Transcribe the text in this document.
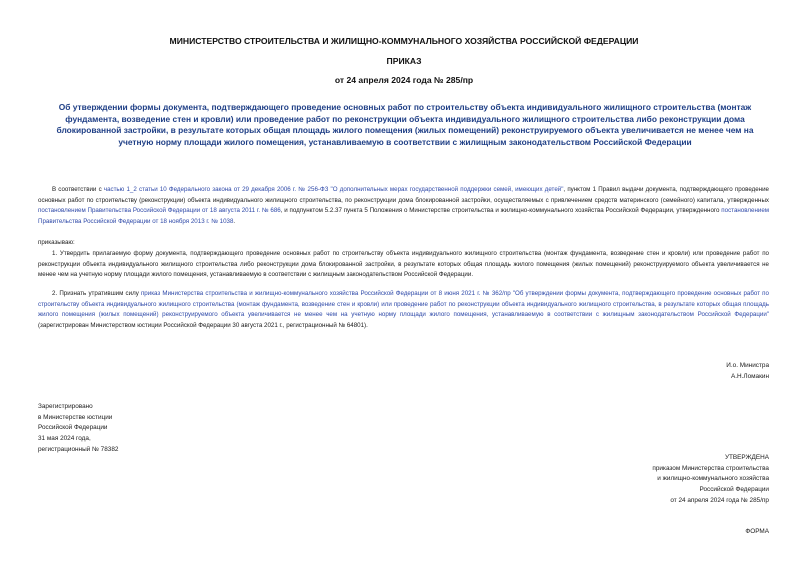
МИНИСТЕРСТВО СТРОИТЕЛЬСТВА И ЖИЛИЩНО-КОММУНАЛЬНОГО ХОЗЯЙСТВА РОССИЙСКОЙ ФЕДЕРАЦИИ
ПРИКАЗ
от 24 апреля 2024 года № 285/пр
Об утверждении формы документа, подтверждающего проведение основных работ по строительству объекта индивидуального жилищного строительства (монтаж фундамента, возведение стен и кровли) или проведение работ по реконструкции объекта индивидуального жилищного строительства либо реконструкции дома блокированной застройки, в результате которых общая площадь жилого помещения (жилых помещений) реконструируемого объекта увеличивается не менее чем на учетную норму площади жилого помещения, устанавливаемую в соответствии с жилищным законодательством Российской Федерации
В соответствии с частью 1_2 статьи 10 Федерального закона от 29 декабря 2006 г. № 256-ФЗ "О дополнительных мерах государственной поддержки семей, имеющих детей", пунктом 1 Правил выдачи документа, подтверждающего проведение основных работ по строительству (реконструкции) объекта индивидуального жилищного строительства, по реконструкции дома блокированной застройки, осуществляемых с привлечением средств материнского (семейного) капитала, утвержденных постановлением Правительства Российской Федерации от 18 августа 2011 г. № 686, и подпунктом 5.2.37 пункта 5 Положения о Министерстве строительства и жилищно-коммунального хозяйства Российской Федерации, утвержденного постановлением Правительства Российской Федерации от 18 ноября 2013 г. № 1038.
приказываю:
1. Утвердить прилагаемую форму документа, подтверждающего проведение основных работ по строительству объекта индивидуального жилищного строительства (монтаж фундамента, возведение стен и кровли) или проведение работ по реконструкции объекта индивидуального жилищного строительства либо реконструкции дома блокированной застройки, в результате которых общая площадь жилого помещения (жилых помещений) реконструируемого объекта увеличивается не менее чем на учетную норму площади жилого помещения, устанавливаемую в соответствии с жилищным законодательством Российской Федерации.
2. Признать утратившим силу приказ Министерства строительства и жилищно-коммунального хозяйства Российской Федерации от 8 июня 2021 г. № 362/пр "Об утверждении формы документа, подтверждающего проведение основных работ по строительству объекта индивидуального жилищного строительства (монтаж фундамента, возведение стен и кровли) или проведение работ по реконструкции объекта индивидуального жилищного строительства, в результате которых общая площадь жилого помещения (жилых помещений) реконструируемого объекта увеличивается не менее чем на учетную норму площади жилого помещения, устанавливаемую в соответствии с жилищным законодательством Российской Федерации" (зарегистрирован Министерством юстиции Российской Федерации 30 августа 2021 г., регистрационный № 64801).
И.о. Министра
А.Н.Ломакин
Зарегистрировано
в Министерстве юстиции
Российской Федерации
31 мая 2024 года,
регистрационный № 78382
УТВЕРЖДЕНА
приказом Министерства строительства
и жилищно-коммунального хозяйства
Российской Федерации
от 24 апреля 2024 года № 285/пр
ФОРМА
